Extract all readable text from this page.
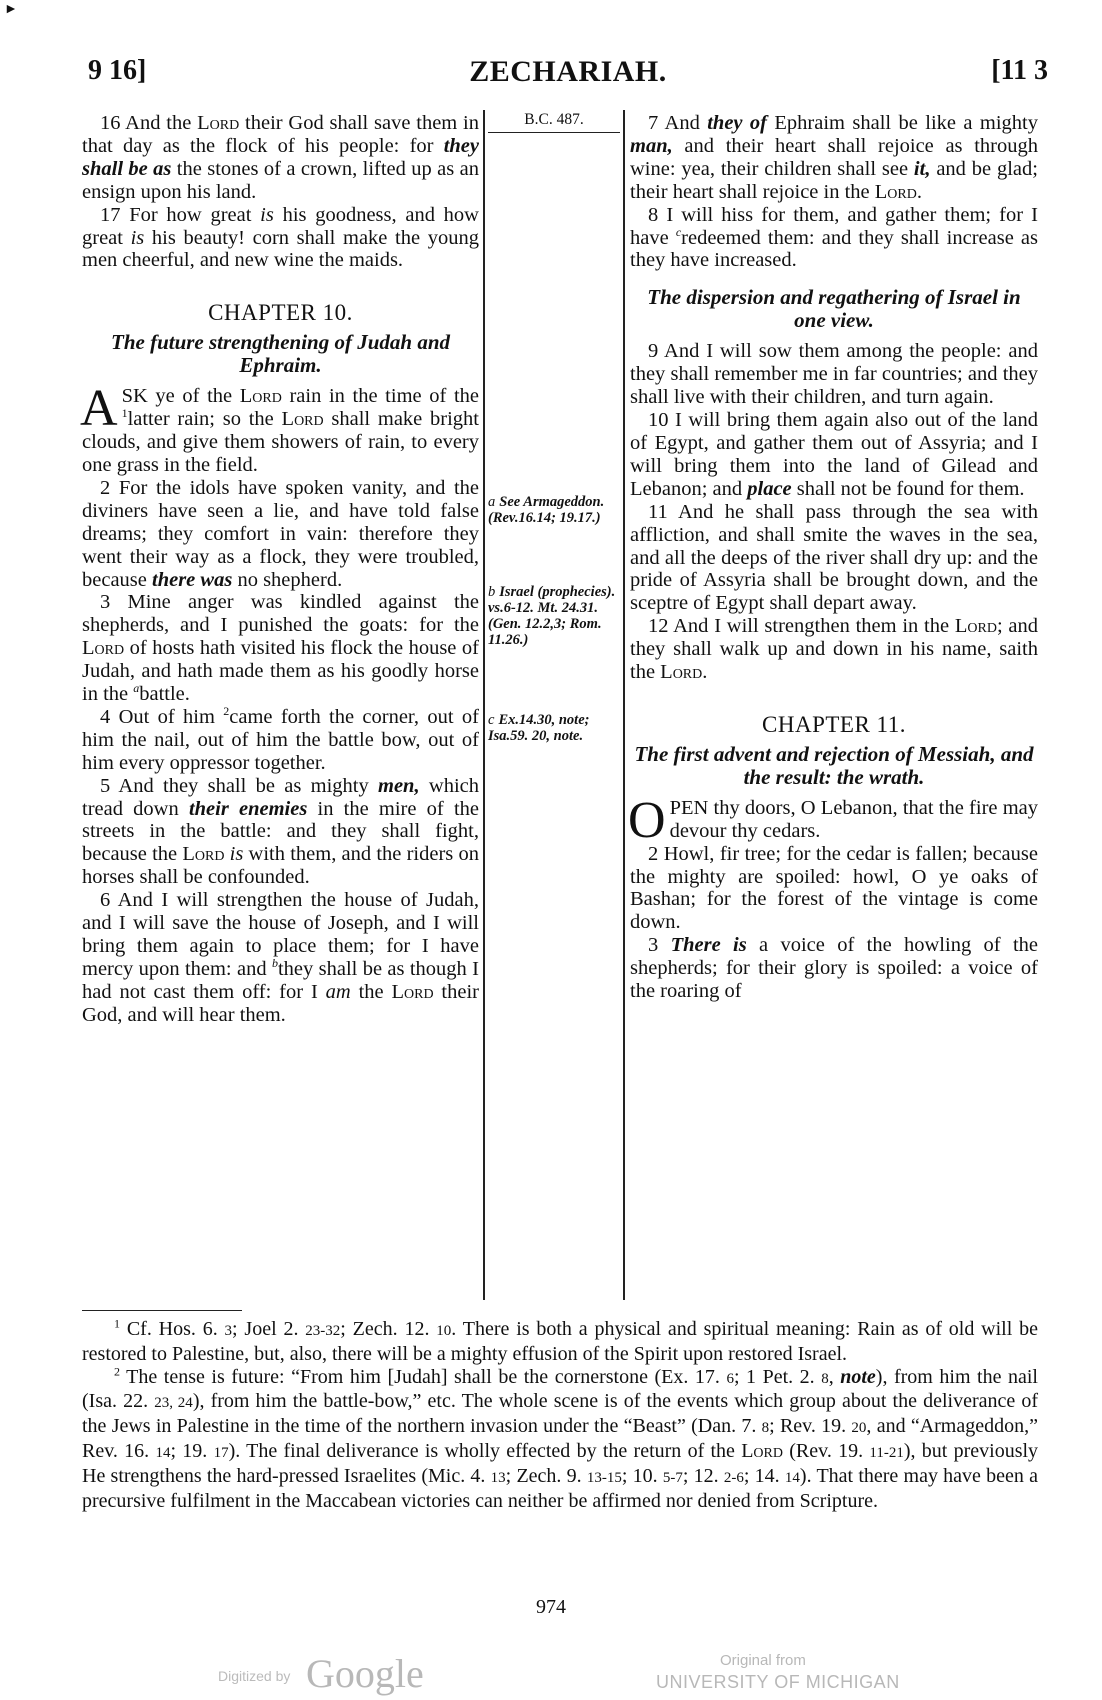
►
9 16]	ZECHARIAH.	[11 3

16 And the Lord their God shall save them in that day as the flock of his people: for they shall be as the stones of a crown, lifted up as an ensign upon his land.

17 For how great is his goodness, and how great is his beauty! corn shall make the young men cheerful, and new wine the maids.

CHAPTER 10.
The future strengthening of Judah and Ephraim.

ASK ye of the Lord rain in the time of the $^1$latter rain; so the Lord shall make bright clouds, and give them showers of rain, to every one grass in the field.

2 For the idols have spoken vanity, and the diviners have seen a lie, and have told false dreams; they comfort in vain: therefore they went their way as a flock, they were troubled, because there was no shepherd.

3 Mine anger was kindled against the shepherds, and I punished the goats: for the Lord of hosts hath visited his flock the house of Judah, and hath made them as his goodly horse in the $^a$battle.

4 Out of him $^2$came forth the corner, out of him the nail, out of him the battle bow, out of him every oppressor together.

5 And they shall be as mighty men, which tread down their enemies in the mire of the streets in the battle: and they shall fight, because the Lord is with them, and the riders on horses shall be confounded.

6 And I will strengthen the house of Judah, and I will save the house of Joseph, and I will bring them again to place them; for I have mercy upon them: and $^b$they shall be as though I had not cast them off: for I am the Lord their God, and will hear them.

B.C. 487.
a See Armageddon. (Rev.16.14; 19.17.)
b Israel (prophecies). vs.6-12. Mt. 24.31. (Gen. 12.2,3; Rom. 11.26.)
c Ex.14.30, note; Isa.59. 20, note.

7 And they of Ephraim shall be like a mighty man, and their heart shall rejoice as through wine: yea, their children shall see it, and be glad; their heart shall rejoice in the Lord.

8 I will hiss for them, and gather them; for I have $^c$redeemed them: and they shall increase as they have increased.

The dispersion and regathering of Israel in one view.

9 And I will sow them among the people: and they shall remember me in far countries; and they shall live with their children, and turn again.

10 I will bring them again also out of the land of Egypt, and gather them out of Assyria; and I will bring them into the land of Gilead and Lebanon; and place shall not be found for them.

11 And he shall pass through the sea with affliction, and shall smite the waves in the sea, and all the deeps of the river shall dry up: and the pride of Assyria shall be brought down, and the sceptre of Egypt shall depart away.

12 And I will strengthen them in the Lord; and they shall walk up and down in his name, saith the Lord.

CHAPTER 11.
The first advent and rejection of Messiah, and the result: the wrath.

OPEN thy doors, O Lebanon, that the fire may devour thy cedars.

2 Howl, fir tree; for the cedar is fallen; because the mighty are spoiled: howl, O ye oaks of Bashan; for the forest of the vintage is come down.

3 There is a voice of the howling of the shepherds; for their glory is spoiled: a voice of the roaring of

$^1$ Cf. Hos. 6. 3; Joel 2. 23-32; Zech. 12. 10. There is both a physical and spiritual meaning: Rain as of old will be restored to Palestine, but, also, there will be a mighty effusion of the Spirit upon restored Israel.

$^2$ The tense is future: “From him [Judah] shall be the cornerstone (Ex. 17. 6; 1 Pet. 2. 8, note), from him the nail (Isa. 22. 23, 24), from him the battle-bow,” etc. The whole scene is of the events which group about the deliverance of the Jews in Palestine in the time of the northern invasion under the “Beast” (Dan. 7. 8; Rev. 19. 20, and “Armageddon,” Rev. 16. 14; 19. 17). The final deliverance is wholly effected by the return of the Lord (Rev. 19. 11-21), but previously He strengthens the hard-pressed Israelites (Mic. 4. 13; Zech. 9. 13-15; 10. 5-7; 12. 2-6; 14. 14). That there may have been a precursive fulfilment in the Maccabean victories can neither be affirmed nor denied from Scripture.

974
Digitized by Google	Original from
UNIVERSITY OF MICHIGAN
